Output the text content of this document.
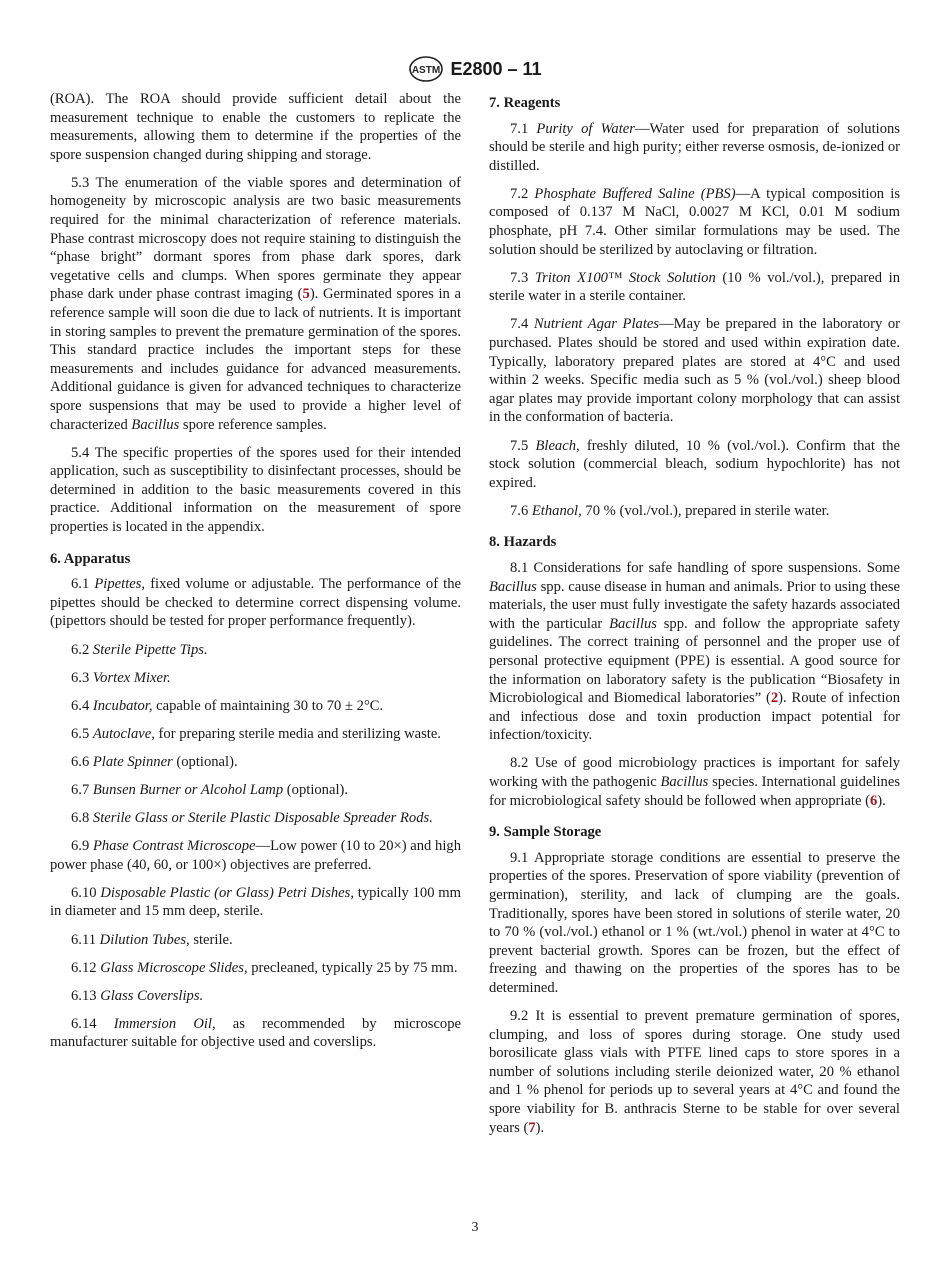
ASTM E2800 – 11
(ROA). The ROA should provide sufficient detail about the measurement technique to enable the customers to replicate the measurements, allowing them to determine if the properties of the spore suspension changed during shipping and storage.
5.3 The enumeration of the viable spores and determination of homogeneity by microscopic analysis are two basic measurements required for the minimal characterization of reference materials. Phase contrast microscopy does not require staining to distinguish the “phase bright” dormant spores from phase dark spores, dark vegetative cells and clumps. When spores germinate they appear phase dark under phase contrast imaging (5). Germinated spores in a reference sample will soon die due to lack of nutrients. It is important in storing samples to prevent the premature germination of the spores. This standard practice includes the important steps for these measurements and includes guidance for advanced measurements. Additional guidance is given for advanced techniques to characterize spore suspensions that may be used to provide a higher level of characterized Bacillus spore reference samples.
5.4 The specific properties of the spores used for their intended application, such as susceptibility to disinfectant processes, should be determined in addition to the basic measurements covered in this practice. Additional information on the measurement of spore properties is located in the appendix.
6. Apparatus
6.1 Pipettes, fixed volume or adjustable. The performance of the pipettes should be checked to determine correct dispensing volume. (pipettors should be tested for proper performance frequently).
6.2 Sterile Pipette Tips.
6.3 Vortex Mixer.
6.4 Incubator, capable of maintaining 30 to 70 ± 2°C.
6.5 Autoclave, for preparing sterile media and sterilizing waste.
6.6 Plate Spinner (optional).
6.7 Bunsen Burner or Alcohol Lamp (optional).
6.8 Sterile Glass or Sterile Plastic Disposable Spreader Rods.
6.9 Phase Contrast Microscope—Low power (10 to 20×) and high power phase (40, 60, or 100×) objectives are preferred.
6.10 Disposable Plastic (or Glass) Petri Dishes, typically 100 mm in diameter and 15 mm deep, sterile.
6.11 Dilution Tubes, sterile.
6.12 Glass Microscope Slides, precleaned, typically 25 by 75 mm.
6.13 Glass Coverslips.
6.14 Immersion Oil, as recommended by microscope manufacturer suitable for objective used and coverslips.
7. Reagents
7.1 Purity of Water—Water used for preparation of solutions should be sterile and high purity; either reverse osmosis, de-ionized or distilled.
7.2 Phosphate Buffered Saline (PBS)—A typical composition is composed of 0.137 M NaCl, 0.0027 M KCl, 0.01 M sodium phosphate, pH 7.4. Other similar formulations may be used. The solution should be sterilized by autoclaving or filtration.
7.3 Triton X100™ Stock Solution (10 % vol./vol.), prepared in sterile water in a sterile container.
7.4 Nutrient Agar Plates—May be prepared in the laboratory or purchased. Plates should be stored and used within expiration date. Typically, laboratory prepared plates are stored at 4°C and used within 2 weeks. Specific media such as 5 % (vol./vol.) sheep blood agar plates may provide important colony morphology that can assist in the conformation of bacteria.
7.5 Bleach, freshly diluted, 10 % (vol./vol.). Confirm that the stock solution (commercial bleach, sodium hypochlorite) has not expired.
7.6 Ethanol, 70 % (vol./vol.), prepared in sterile water.
8. Hazards
8.1 Considerations for safe handling of spore suspensions. Some Bacillus spp. cause disease in human and animals. Prior to using these materials, the user must fully investigate the safety hazards associated with the particular Bacillus spp. and follow the appropriate safety guidelines. The correct training of personnel and the proper use of personal protective equipment (PPE) is essential. A good source for the information on laboratory safety is the publication “Biosafety in Microbiological and Biomedical laboratories” (2). Route of infection and infectious dose and toxin production impact potential for infection/toxicity.
8.2 Use of good microbiology practices is important for safely working with the pathogenic Bacillus species. International guidelines for microbiological safety should be followed when appropriate (6).
9. Sample Storage
9.1 Appropriate storage conditions are essential to preserve the properties of the spores. Preservation of spore viability (prevention of germination), sterility, and lack of clumping are the goals. Traditionally, spores have been stored in solutions of sterile water, 20 to 70 % (vol./vol.) ethanol or 1 % (wt./vol.) phenol in water at 4°C to prevent bacterial growth. Spores can be frozen, but the effect of freezing and thawing on the properties of the spores has to be determined.
9.2 It is essential to prevent premature germination of spores, clumping, and loss of spores during storage. One study used borosilicate glass vials with PTFE lined caps to store spores in a number of solutions including sterile deionized water, 20 % ethanol and 1 % phenol for periods up to several years at 4°C and found the spore viability for B. anthracis Sterne to be stable for over several years (7).
3
